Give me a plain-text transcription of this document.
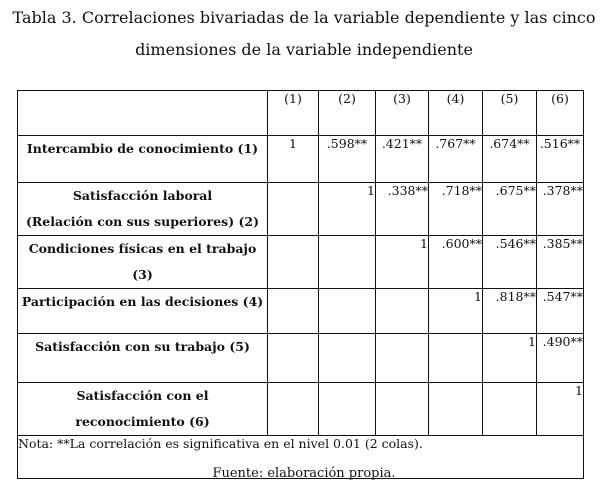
Tabla 3. Correlaciones bivariadas de la variable dependiente y las cinco
dimensiones de la variable independiente
	(1)	(2)	(3)	(4)	(5)	(6)

Intercambio de conocimiento (1)	1	.598**	.421**	.767**	.674**	.516**

Satisfacción laboral
(Relación con sus superiores) (2)		1	.338**	.718**	.675**	.378**

Condiciones físicas en el trabajo
(3)			1	.600**	.546**	.385**

Participación en las decisiones (4)				1	.818**	.547**

Satisfacción con su trabajo (5)					1	.490**

Satisfacción con el
reconocimiento (6)						1
Nota: **La correlación es significativa en el nivel 0.01 (2 colas).						
Fuente: elaboración propia.
